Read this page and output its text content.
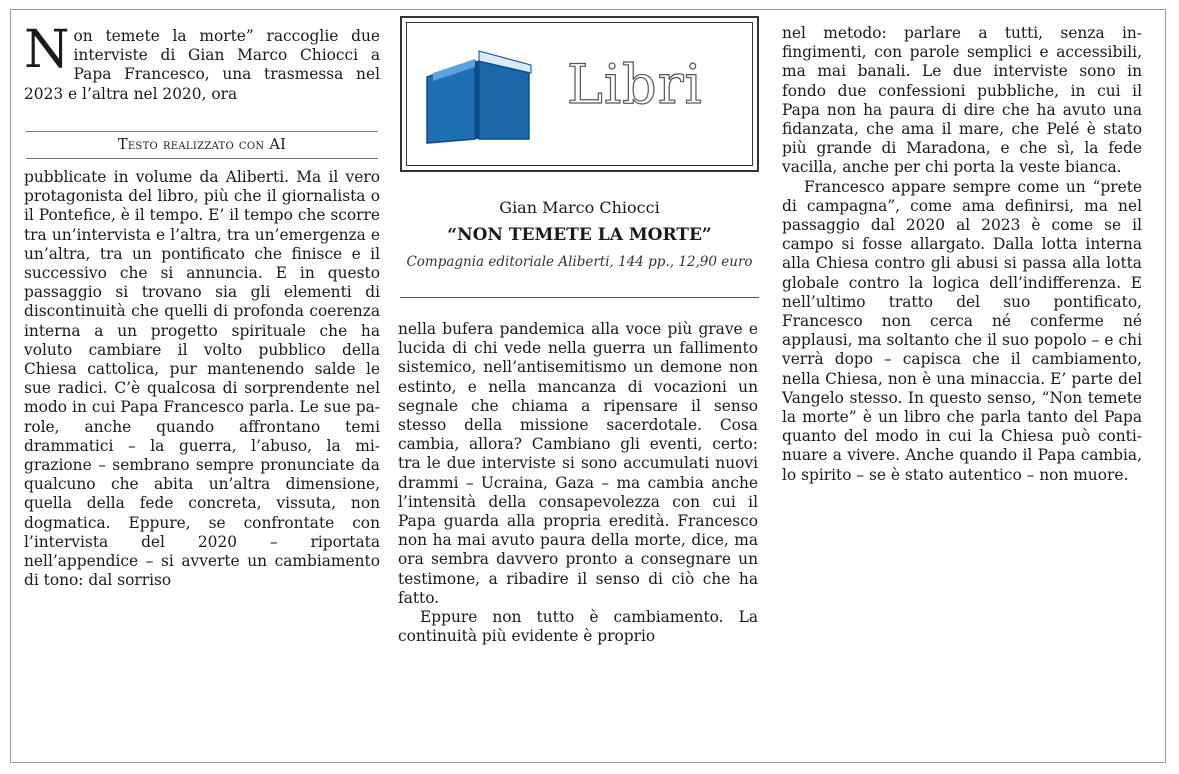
Non temete la morte” raccoglie due interviste di Gian Marco Chiocci a Papa Francesco, una trasmessa nel 2023 e l’altra nel 2020, ora

Testo realizzato con AI

pubblicate in volume da Aliberti. Ma il vero protagonista del libro, più che il giornalista o il Pontefice, è il tempo. E’ il tempo che scorre tra un’intervista e l’altra, tra un’emergenza e un’altra, tra un pontificato che finisce e il successivo che si annuncia. E in questo passaggio si trovano sia gli elementi di discontinuità che quelli di profonda coerenza interna a un progetto spirituale che ha voluto cambiare il volto pubblico della Chiesa cattolica, pur mantenendo salde le sue radici. C’è qualcosa di sorprendente nel modo in cui Papa Francesco parla. Le sue parole, anche quando affrontano temi drammatici – la guerra, l’abuso, la migrazione – sembrano sempre pronunciate da qualcuno che abita un’altra dimensione, quella della fede concreta, vissuta, non dogmatica. Eppure, se confrontate con l’intervista del 2020 – riportata nell’appendice – si avverte un cambiamento di tono: dal sorriso

Libri
Gian Marco Chiocci
“NON TEMETE LA MORTE”
Compagnia editoriale Aliberti, 144 pp., 12,90 euro

nella bufera pandemica alla voce più grave e lucida di chi vede nella guerra un fallimento sistemico, nell’antisemitismo un demone non estinto, e nella mancanza di vocazioni un segnale che chiama a ripensare il senso stesso della missione sacerdotale. Cosa cambia, allora? Cambiano gli eventi, certo: tra le due interviste si sono accumulati nuovi drammi – Ucraina, Gaza – ma cambia anche l’intensità della consapevolezza con cui il Papa guarda alla propria eredità. Francesco non ha mai avuto paura della morte, dice, ma ora sembra davvero pronto a consegnare un testimone, a ribadire il senso di ciò che ha fatto.

Eppure non tutto è cambiamento. La continuità più evidente è proprio

nel metodo: parlare a tutti, senza infingimenti, con parole semplici e accessibili, ma mai banali. Le due interviste sono in fondo due confessioni pubbliche, in cui il Papa non ha paura di dire che ha avuto una fidanzata, che ama il mare, che Pelé è stato più grande di Maradona, e che sì, la fede vacilla, anche per chi porta la veste bianca.

Francesco appare sempre come un “prete di campagna”, come ama definirsi, ma nel passaggio dal 2020 al 2023 è come se il campo si fosse allargato. Dalla lotta interna alla Chiesa contro gli abusi si passa alla lotta globale contro la logica dell’indifferenza. E nell’ultimo tratto del suo pontificato, Francesco non cerca né conferme né applausi, ma soltanto che il suo popolo – e chi verrà dopo – capisca che il cambiamento, nella Chiesa, non è una minaccia. E’ parte del Vangelo stesso. In questo senso, “Non temete la morte” è un libro che parla tanto del Papa quanto del modo in cui la Chiesa può continuare a vivere. Anche quando il Papa cambia, lo spirito – se è stato autentico – non muore.
